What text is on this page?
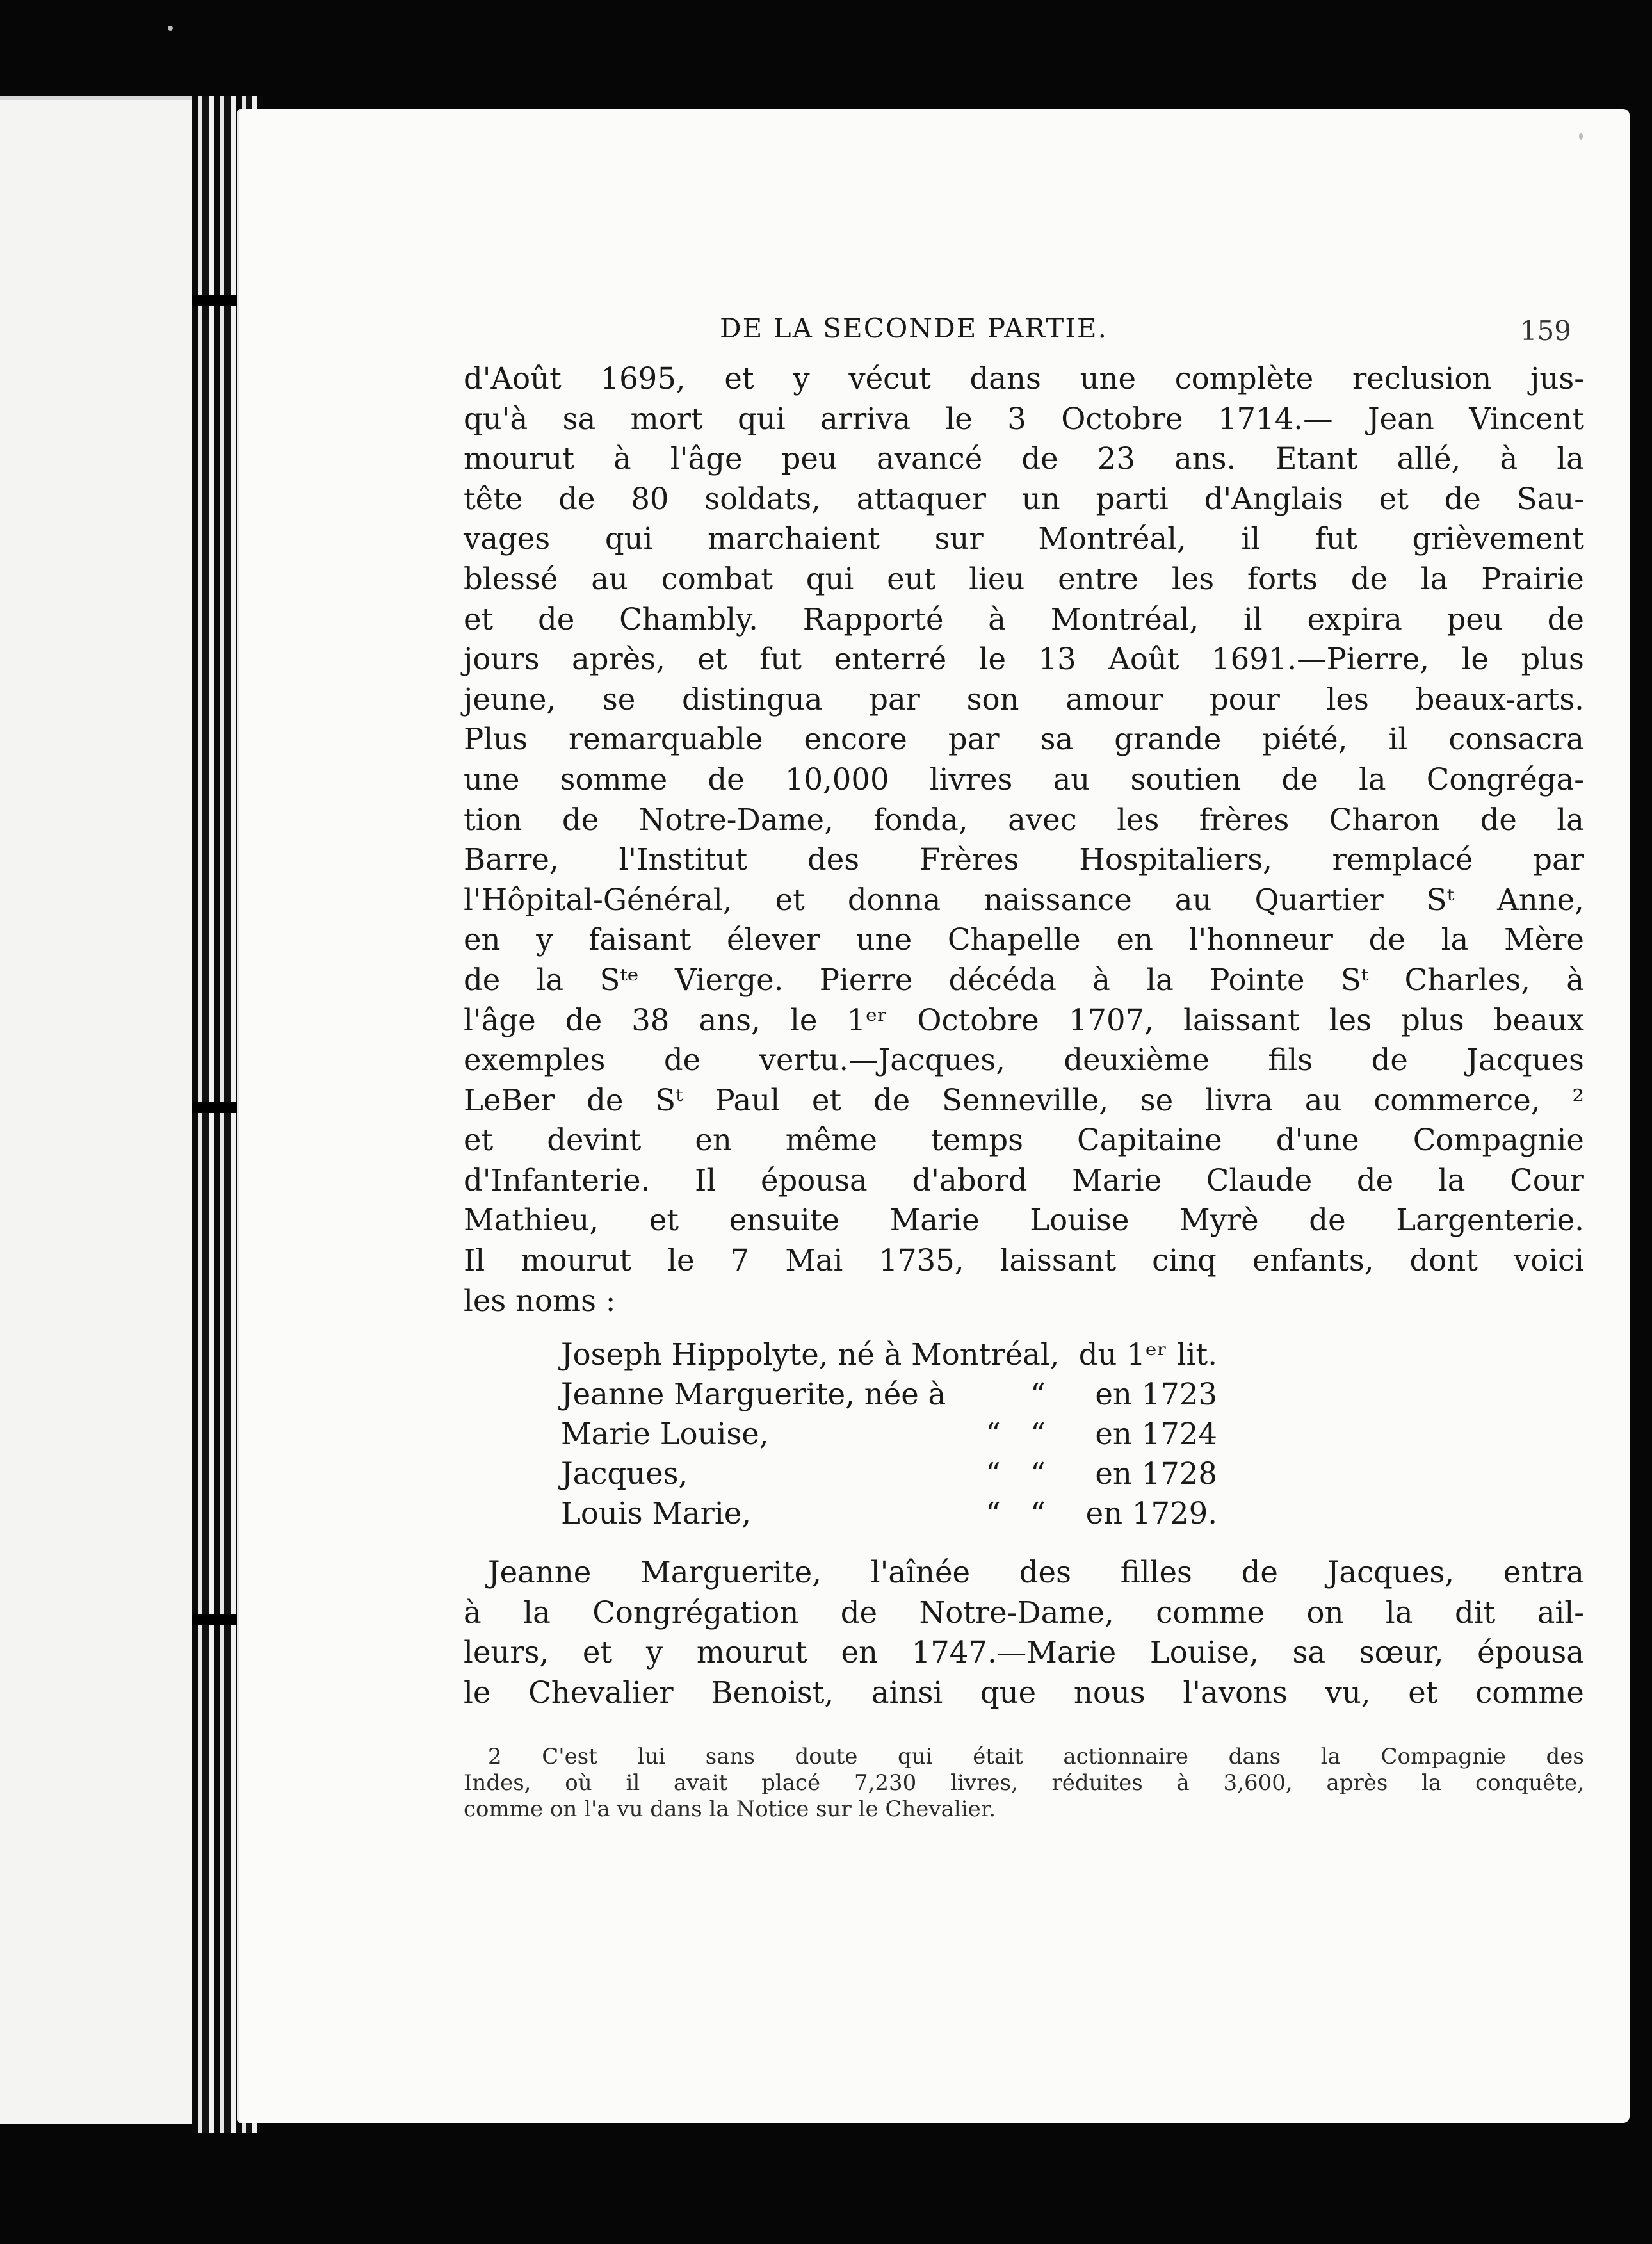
DE LA SECONDE PARTIE.	159
d'Août 1695, et y vécut dans une complète reclusion jus-
qu'à sa mort qui arriva le 3 Octobre 1714.— Jean Vincent
mourut à l'âge peu avancé de 23 ans. Etant allé, à la
tête de 80 soldats, attaquer un parti d'Anglais et de Sau-
vages qui marchaient sur Montréal, il fut grièvement
blessé au combat qui eut lieu entre les forts de la Prairie
et de Chambly. Rapporté à Montréal, il expira peu de
jours après, et fut enterré le 13 Août 1691.—Pierre, le plus
jeune, se distingua par son amour pour les beaux-arts.
Plus remarquable encore par sa grande piété, il consacra
une somme de 10,000 livres au soutien de la Congréga-
tion de Notre-Dame, fonda, avec les frères Charon de la
Barre, l'Institut des Frères Hospitaliers, remplacé par
l'Hôpital-Général, et donna naissance au Quartier Sᵗ Anne,
en y faisant élever une Chapelle en l'honneur de la Mère
de la Sᵗᵉ Vierge. Pierre décéda à la Pointe Sᵗ Charles, à
l'âge de 38 ans, le 1ᵉʳ Octobre 1707, laissant les plus beaux
exemples de vertu.—Jacques, deuxième fils de Jacques
LeBer de Sᵗ Paul et de Senneville, se livra au commerce, ²
et devint en même temps Capitaine d'une Compagnie
d'Infanterie. Il épousa d'abord Marie Claude de la Cour
Mathieu, et ensuite Marie Louise Myrè de Largenterie.
Il mourut le 7 Mai 1735, laissant cinq enfants, dont voici
les noms :
Joseph Hippolyte, né à Montréal, du 1ᵉʳ lit.
Jeanne Marguerite, née à	“	en 1723
Marie Louise,	“ “	en 1724
Jacques,	“ “	en 1728
Louis Marie,	“ “	en 1729.
Jeanne Marguerite, l'aînée des filles de Jacques, entra
à la Congrégation de Notre-Dame, comme on la dit ail-
leurs, et y mourut en 1747.—Marie Louise, sa sœur, épousa
le Chevalier Benoist, ainsi que nous l'avons vu, et comme
2 C'est lui sans doute qui était actionnaire dans la Compagnie des
Indes, où il avait placé 7,230 livres, réduites à 3,600, après la conquête,
comme on l'a vu dans la Notice sur le Chevalier.
